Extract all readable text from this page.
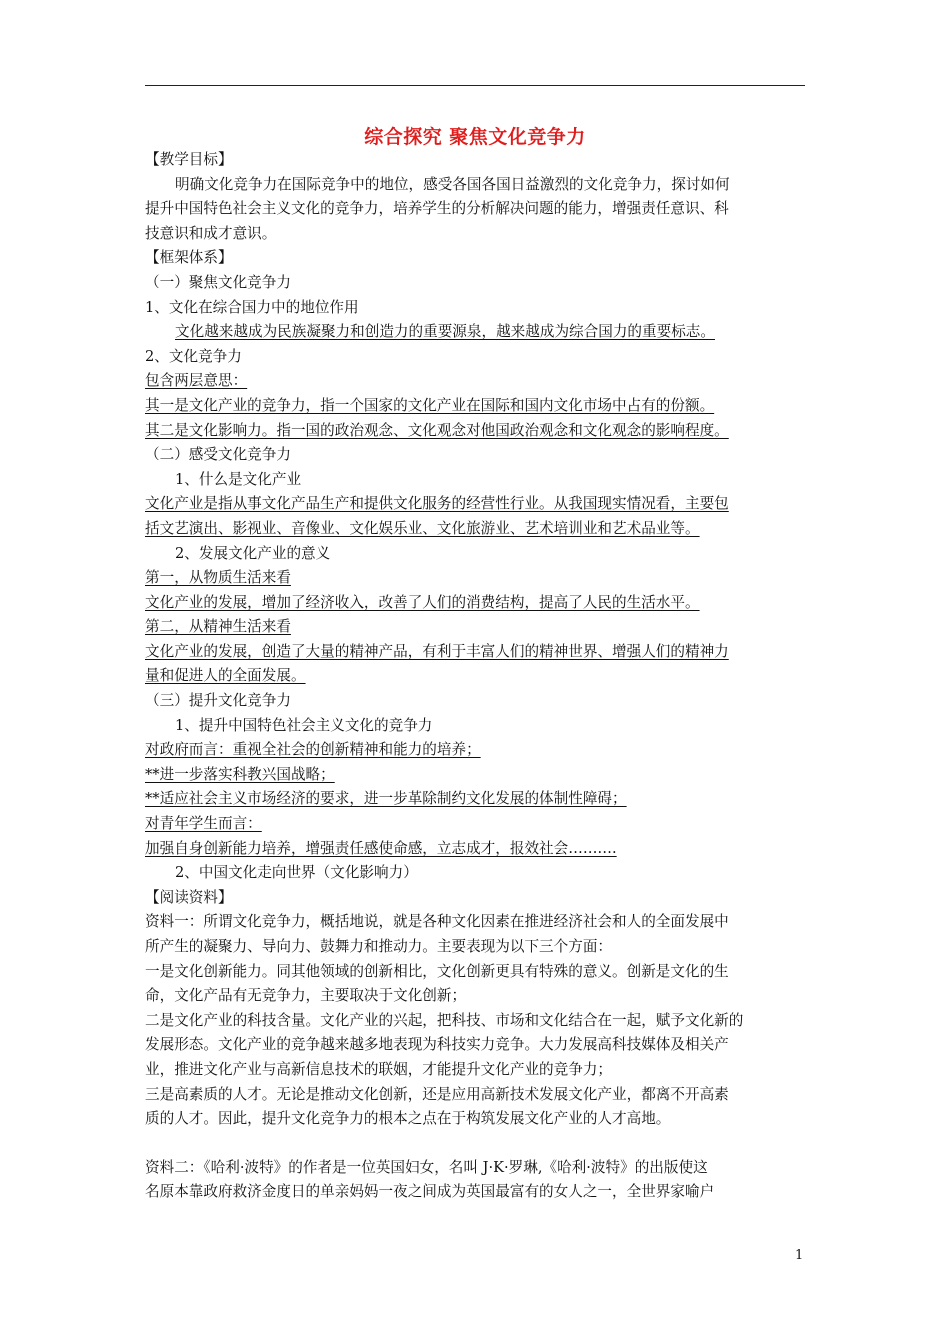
综合探究 聚焦文化竞争力

【教学目标】

明确文化竞争力在国际竞争中的地位，感受各国各国日益激烈的文化竞争力，探讨如何

提升中国特色社会主义文化的竞争力，培养学生的分析解决问题的能力，增强责任意识、科

技意识和成才意识。

【框架体系】

（一）聚焦文化竞争力

1、文化在综合国力中的地位作用

文化越来越成为民族凝聚力和创造力的重要源泉，越来越成为综合国力的重要标志。

2、文化竞争力

包含两层意思：

其一是文化产业的竞争力，指一个国家的文化产业在国际和国内文化市场中占有的份额。

其二是文化影响力。指一国的政治观念、文化观念对他国政治观念和文化观念的影响程度。

（二）感受文化竞争力

1、什么是文化产业

文化产业是指从事文化产品生产和提供文化服务的经营性行业。从我国现实情况看，主要包

括文艺演出、影视业、音像业、文化娱乐业、文化旅游业、艺术培训业和艺术品业等。

2、发展文化产业的意义

第一，从物质生活来看

文化产业的发展，增加了经济收入，改善了人们的消费结构，提高了人民的生活水平。

第二，从精神生活来看

文化产业的发展，创造了大量的精神产品，有利于丰富人们的精神世界、增强人们的精神力

量和促进人的全面发展。

（三）提升文化竞争力

1、提升中国特色社会主义文化的竞争力

对政府而言：重视全社会的创新精神和能力的培养；

**进一步落实科教兴国战略；

**适应社会主义市场经济的要求，进一步革除制约文化发展的体制性障碍；

对青年学生而言：

加强自身创新能力培养，增强责任感使命感，立志成才，报效社会……….

2、中国文化走向世界（文化影响力）

【阅读资料】

资料一：所谓文化竞争力，概括地说，就是各种文化因素在推进经济社会和人的全面发展中

所产生的凝聚力、导向力、鼓舞力和推动力。主要表现为以下三个方面：

一是文化创新能力。同其他领域的创新相比，文化创新更具有特殊的意义。创新是文化的生

命，文化产品有无竞争力，主要取决于文化创新；

二是文化产业的科技含量。文化产业的兴起，把科技、市场和文化结合在一起，赋予文化新的

发展形态。文化产业的竞争越来越多地表现为科技实力竞争。大力发展高科技媒体及相关产

业，推进文化产业与高新信息技术的联姻，才能提升文化产业的竞争力；

三是高素质的人才。无论是推动文化创新，还是应用高新技术发展文化产业，都离不开高素

质的人才。因此，提升文化竞争力的根本之点在于构筑发展文化产业的人才高地。

资料二：《哈利·波特》的作者是一位英国妇女，名叫 J·K·罗琳,《哈利·波特》的出版使这

名原本靠政府救济金度日的单亲妈妈一夜之间成为英国最富有的女人之一，全世界家喻户

1
